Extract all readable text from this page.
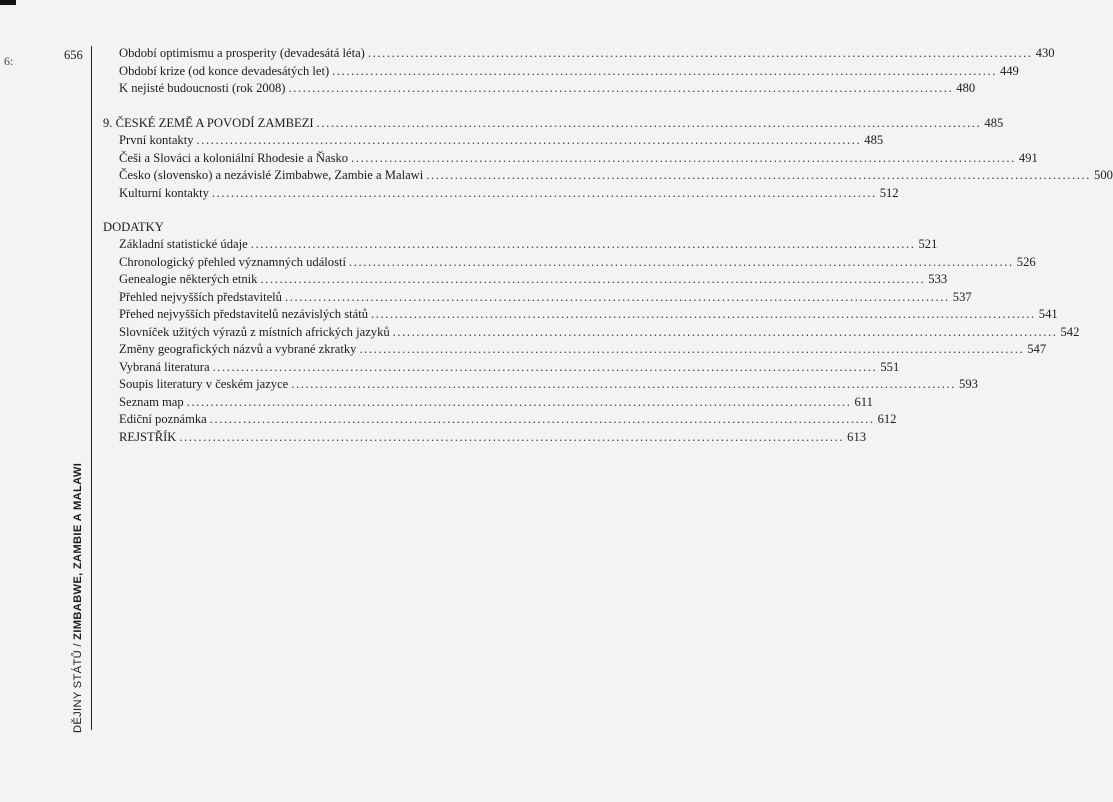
6:	656
DĚJINY STÁTŮ / ZIMBABWE, ZAMBIE A MALAWI
Období optimismu a prosperity (devadesátá léta) ............................................................................................................................................ 430
Období krize (od konce devadesátých let) ............................................................................................................................................ 449
K nejisté budoucnosti (rok 2008) ............................................................................................................................................ 480
9. ČESKÉ ZEMĚ A POVODÍ ZAMBEZI ............................................................................................................................................ 485
První kontakty ............................................................................................................................................ 485
Češi a Slováci a koloniální Rhodesie a Ňasko ............................................................................................................................................ 491
Česko (slovensko) a nezávislé Zimbabwe, Zambie a Malawi ............................................................................................................................................ 500
Kulturní kontakty ............................................................................................................................................ 512
DODATKY
Základní statistické údaje ............................................................................................................................................ 521
Chronologický přehled významných událostí ............................................................................................................................................ 526
Genealogie některých etnik ............................................................................................................................................ 533
Přehled nejvyšších představitelů ............................................................................................................................................ 537
Přehed nejvyšších představitelů nezávislých států ............................................................................................................................................ 541
Slovníček užitých výrazů z místních afrických jazyků ............................................................................................................................................ 542
Změny geografických názvů a vybrané zkratky ............................................................................................................................................ 547
Vybraná literatura ............................................................................................................................................ 551
Soupis literatury v českém jazyce ............................................................................................................................................ 593
Seznam map ............................................................................................................................................ 611
Ediční poznámka ............................................................................................................................................ 612
REJSTŘÍK ............................................................................................................................................ 613
